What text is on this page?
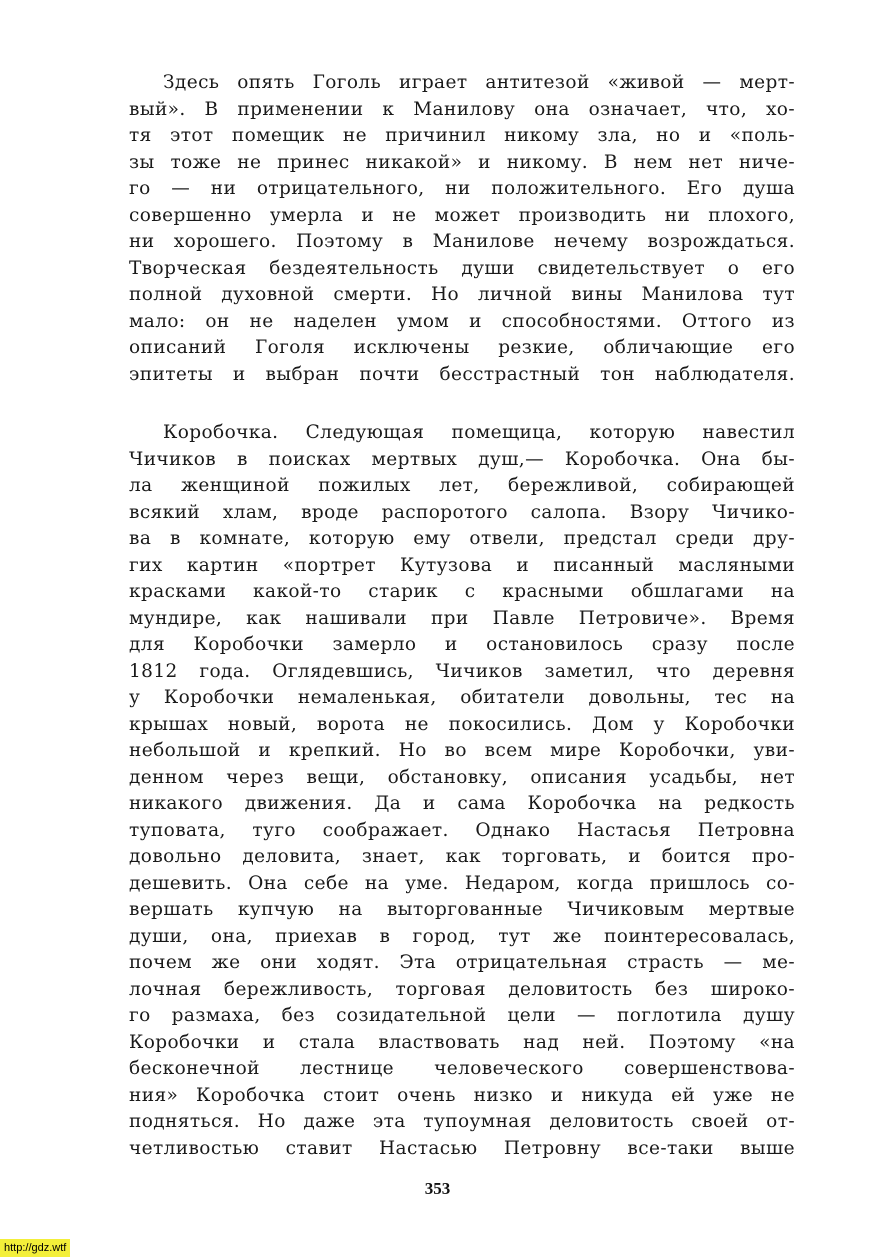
Здесь опять Гоголь играет антитезой «живой — мерт-
вый». В применении к Манилову она означает, что, хо-
тя этот помещик не причинил никому зла, но и «поль-
зы тоже не принес никакой» и никому. В нем нет ниче-
го — ни отрицательного, ни положительного. Его душа
совершенно умерла и не может производить ни плохого,
ни хорошего. Поэтому в Манилове нечему возрождаться.
Творческая бездеятельность души свидетельствует о его
полной духовной смерти. Но личной вины Манилова тут
мало: он не наделен умом и способностями. Оттого из
описаний Гоголя исключены резкие, обличающие его
эпитеты и выбран почти бесстрастный тон наблюдателя.
Коробочка. Следующая помещица, которую навестил
Чичиков в поисках мертвых душ,— Коробочка. Она бы-
ла женщиной пожилых лет, бережливой, собирающей
всякий хлам, вроде распоротого салопа. Взору Чичико-
ва в комнате, которую ему отвели, предстал среди дру-
гих картин «портрет Кутузова и писанный масляными
красками какой-то старик с красными обшлагами на
мундире, как нашивали при Павле Петровиче». Время
для Коробочки замерло и остановилось сразу после
1812 года. Оглядевшись, Чичиков заметил, что деревня
у Коробочки немаленькая, обитатели довольны, тес на
крышах новый, ворота не покосились. Дом у Коробочки
небольшой и крепкий. Но во всем мире Коробочки, уви-
денном через вещи, обстановку, описания усадьбы, нет
никакого движения. Да и сама Коробочка на редкость
туповата, туго соображает. Однако Настасья Петровна
довольно деловита, знает, как торговать, и боится про-
дешевить. Она себе на уме. Недаром, когда пришлось со-
вершать купчую на выторгованные Чичиковым мертвые
души, она, приехав в город, тут же поинтересовалась,
почем же они ходят. Эта отрицательная страсть — ме-
лочная бережливость, торговая деловитость без широко-
го размаха, без созидательной цели — поглотила душу
Коробочки и стала властвовать над ней. Поэтому «на
бесконечной лестнице человеческого совершенствова-
ния» Коробочка стоит очень низко и никуда ей уже не
подняться. Но даже эта тупоумная деловитость своей от-
четливостью ставит Настасью Петровну все-таки выше
353
http://gdz.wtf
